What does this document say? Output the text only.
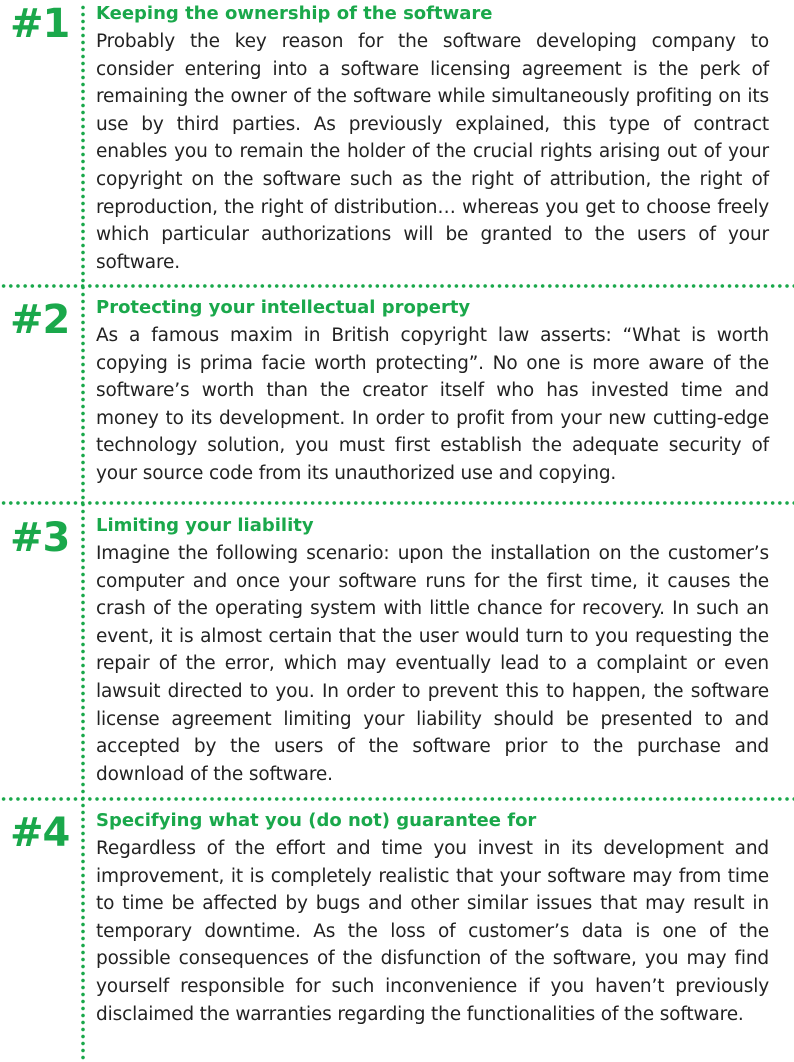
#1 Keeping the ownership of the software
Probably the key reason for the software developing company to consider entering into a software licensing agreement is the perk of remaining the owner of the software while simultaneously profiting on its use by third parties. As previously explained, this type of contract enables you to remain the holder of the crucial rights arising out of your copyright on the software such as the right of attribution, the right of reproduction, the right of distribution… whereas you get to choose freely which particular authorizations will be granted to the users of your software.
#2 Protecting your intellectual property
As a famous maxim in British copyright law asserts: “What is worth copying is prima facie worth protecting”. No one is more aware of the software’s worth than the creator itself who has invested time and money to its development. In order to profit from your new cutting-edge technology solution, you must first establish the adequate security of your source code from its unauthorized use and copying.
#3 Limiting your liability
Imagine the following scenario: upon the installation on the customer’s computer and once your software runs for the first time, it causes the crash of the operating system with little chance for recovery. In such an event, it is almost certain that the user would turn to you requesting the repair of the error, which may eventually lead to a complaint or even lawsuit directed to you. In order to prevent this to happen, the software license agreement limiting your liability should be presented to and accepted by the users of the software prior to the purchase and download of the software.
#4 Specifying what you (do not) guarantee for
Regardless of the effort and time you invest in its development and improvement, it is completely realistic that your software may from time to time be affected by bugs and other similar issues that may result in temporary downtime. As the loss of customer’s data is one of the possible consequences of the disfunction of the software, you may find yourself responsible for such inconvenience if you haven’t previously disclaimed the warranties regarding the functionalities of the software.
